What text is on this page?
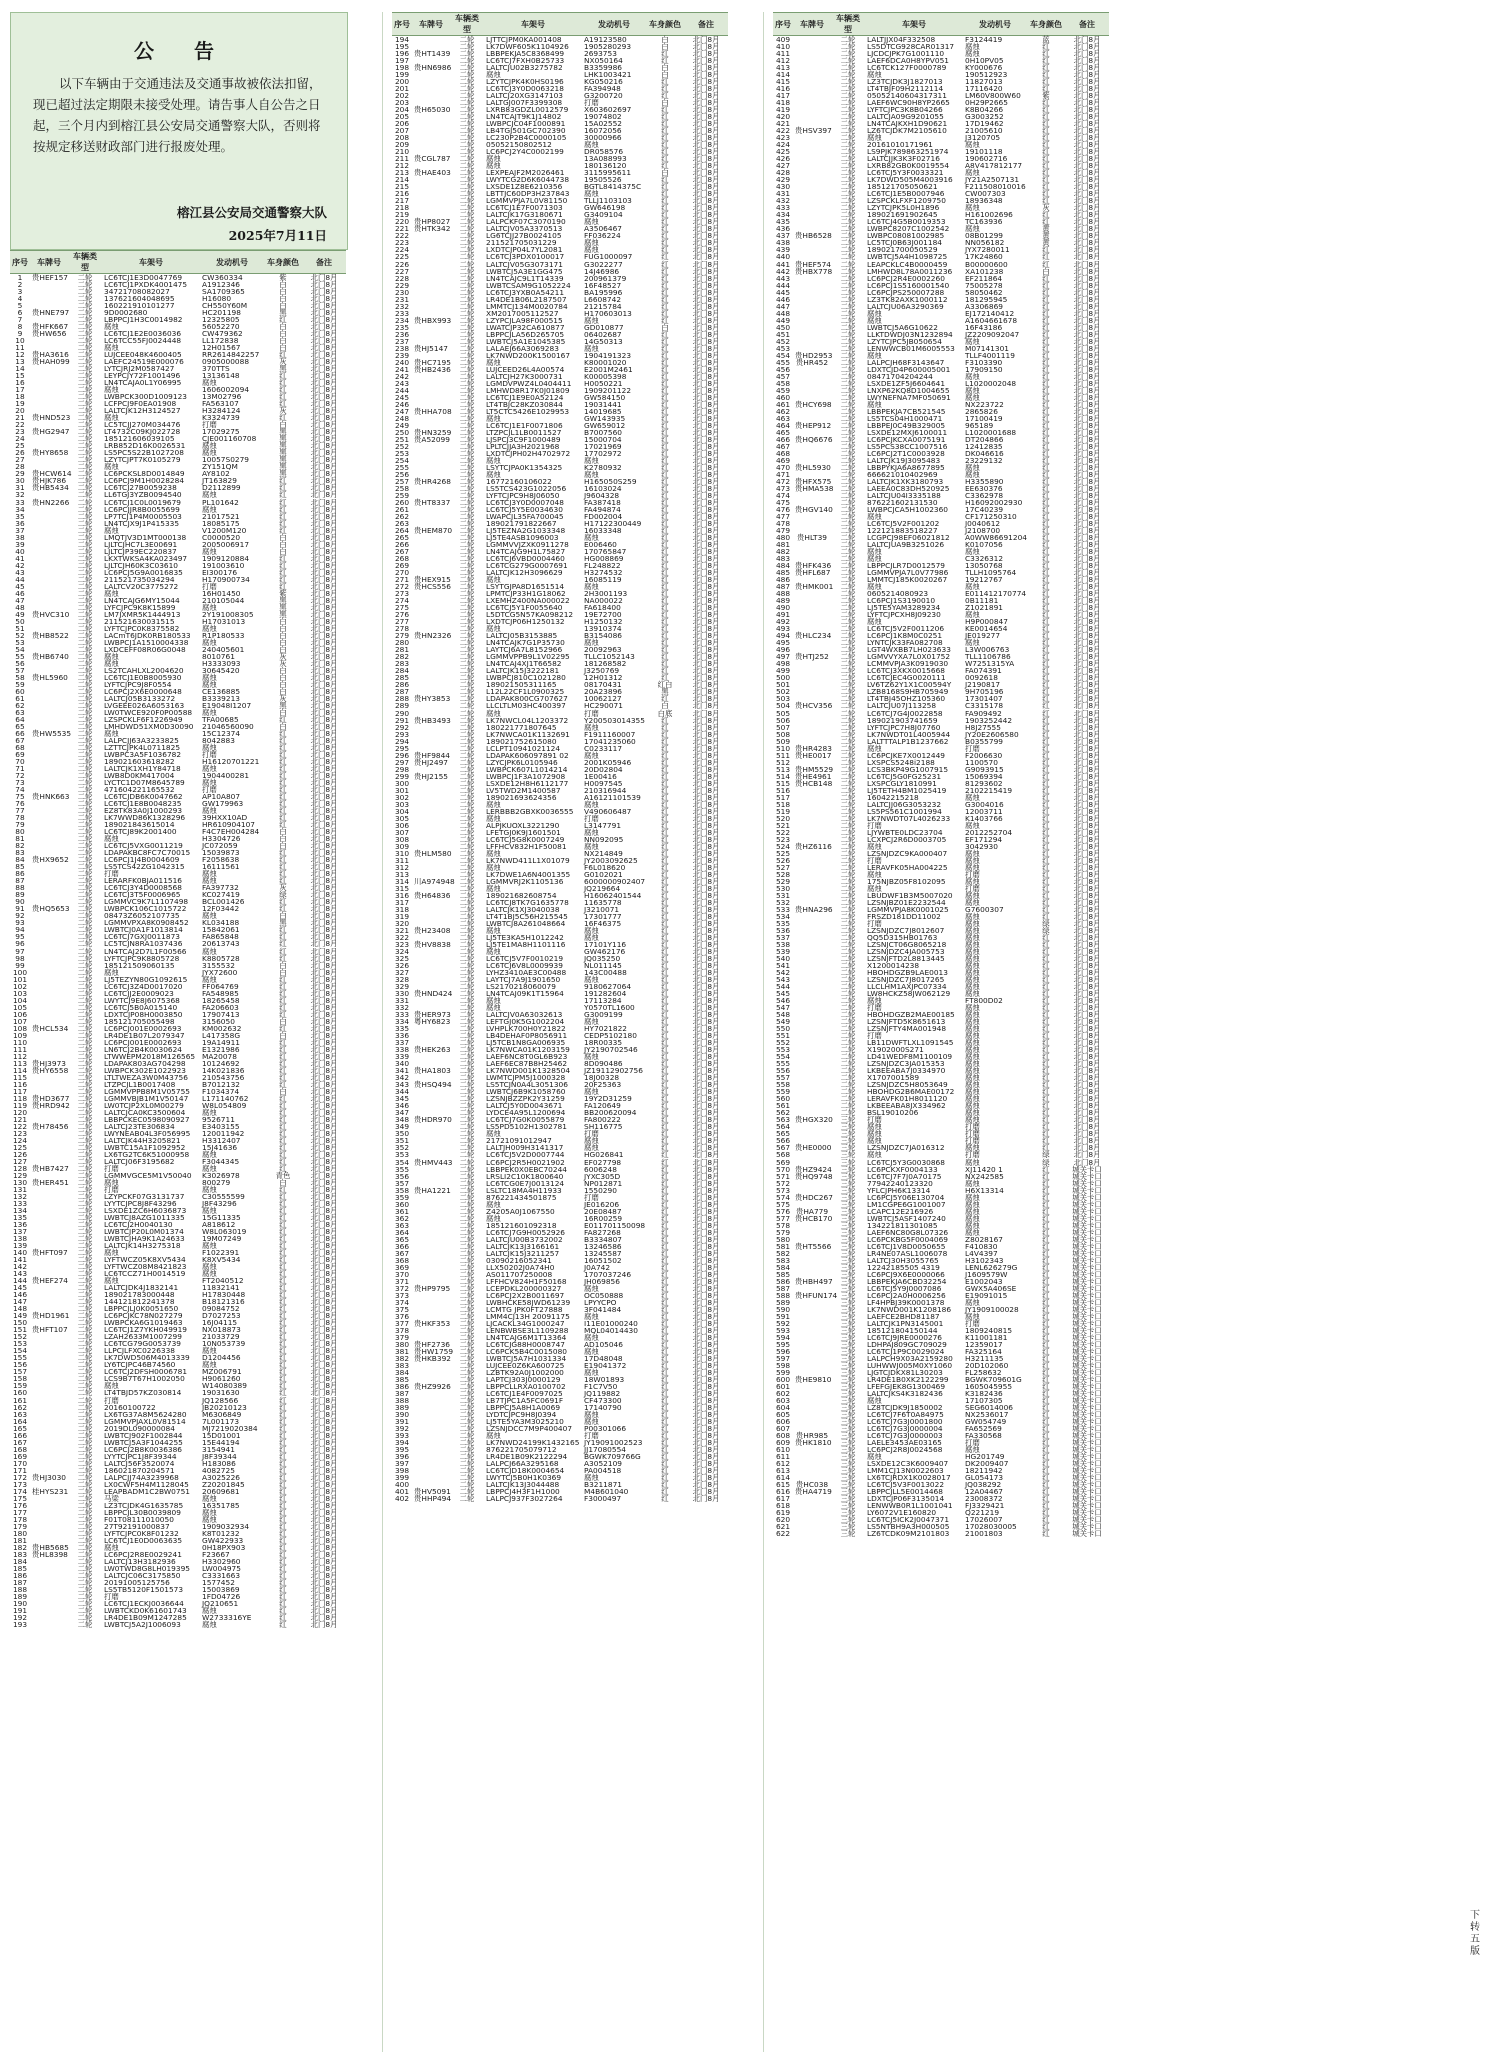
公　告
以下车辆由于交通违法及交通事故被依法扣留，现已超过法定期限未接受处理。请告事人自公告之日起，三个月内到榕江县公安局交通警察大队，否则将按规定移送财政部门进行报废处理。
榕江县公安局交通警察大队
2025年7月11日
序号	车牌号	车辆类型	车架号	发动机号	车身颜色	备注
1	贵HEF157	二轮	LC6TCJ1E3D0047769	CW360334	紫	北门8月
2		二轮	LC6TCJ1PXDK4001475	A1912346	白	北门8月
3		二轮	34721708082027	SA1709365	白	北门8月
4		二轮	137621604048695	H16080	白	北门8月
5		二轮	160221910101277	CH550Y60M	白	北门8月
6	贵HNE797	二轮	9D0002680	HC201198	黑	北门8月
7		二轮	LBPPCJ1H3C0014982	12325805	红	北门8月
8	贵HFK667	二轮	腐烛	56052270	白	北门8月
9	贵HW656	二轮	LC6TCJ1E2E0036036	CW479362	白	北门8月
10		二轮	LC6TCC55FJ0024448	LL172838	白	北门8月
11		二轮	腐烛	12H01567	白	北门8月
12	贵HA3616	二轮	LUJCEE048K4600405	RR2614842257	红	北门8月
13	贵HAH099	二轮	LAEFC24519E000076	0905000088	灰	北门8月
14		二轮	LYTCJRJ2M0587427	370TTS	黑	北门8月
15		二轮	LEYPCJY72F1001496	13136148	红	北门8月
16		二轮	LN4TCAJA0L1Y06995	腐烛	红	北门8月
17		二轮	腐烛	1606002094	红	北门8月
18		二轮	LWBPCK300D1009123	13M02796	红	北门8月
19		二轮	LCFPCJ9F0EA01908	FA563107	红	北门8月
20		二轮	LALTCJK12H3124527	H3284124	灰	北门8月
21	贵HND523	二轮	腐烛	K3324739	红	北门8月
22		二轮	LC5TCJJ270M034476	打磨	白	北门8月
23	贵HG2947	二轮	LT4732C09KJ022728	17029275	黑	北门8月
24		二轮	185121606039105	CJE001160708	黑	北门8月
25		二轮	LRB852D16K0026531	腐烛	黑	北门8月
26	贵HY8658	二轮	LS5PC5S22B1027208	腐烛	黑	北门8月
27		二轮	LZYTCJPT7K0105279	10057S0279	黑	北门8月
28		二轮	腐烛	ZY151QM	黑	北门8月
29	贵HCW614	二轮	LC6PCKSL8D0014849	AY8102	黑	北门8月
30	贵HJK786	二轮	LC6PCJ9M1H0028284	JT163829	红	北门8月
31	贵HB5434	二轮	LC6TCJ27B0059238	D2112899	红	北门8月
32		二轮	LL6TGJ3YZB0094540	腐烛	红	北门8月
33	贵HN2266	二轮	LC6TCJ1C0L0019679	PL101642	红	北门8月
34		二轮	LC6PCJJR8B0055699	腐烛	红	北门8月
35		二轮	LP7TCJ1P4M0005503	21017521	红	北门8月
36		二轮	LN4TCJX9J1P415335	18085175	红	北门8月
37		二轮	腐烛	V1200M120	红	北门8月
38		二轮	LMQTJV3D1MT000138	C0000520	白	北门8月
39		二轮	LJLTCJHC7L3E00691	2005006917	白	北门8月
40		二轮	LJLTCJP39EC220837	腐烛	白	北门8月
41		二轮	LKXTWKSA4KA023497	1909120884	红	北门8月
42		二轮	LJLTCJH60K3C03610	191003610	红	北门8月
43		二轮	LC6PCJ5G9A0016835	EI300176	红	北门8月
44		二轮	211521735034294	H170900734	红	北门8月
45		二轮	LALTCV20C3775272	打磨	红	北门8月
46		二轮	腐烛	16H01450	紫	北门8月
47		二轮	LN4TCAJG6MY15044	210105044	黑	北门8月
48		二轮	LYFCJPC9K8K15899	腐烛	黑	北门8月
49	贵HVC310	二轮	LM7JXMR5K1444913	2Y191008305	黑	北门8月
50		二轮	211521630031515	H17031013	白	北门8月
51		二轮	LYFTCJPC0K8375582	腐烛	白	北门8月
52	贵HB8522	二轮	LACmT6JDK0RB180533	R1P180533	白	北门8月
53		二轮	LWBPCJ1A1510004338	腐烛	白	北门8月
54		二轮	LXDCEFF08R06G0048	240405601	白	北门8月
55	贵HB6740	二轮	腐烛	8010761	灰	北门8月
56		二轮	腐烛	H3333093	灰	北门8月
57		二轮	LS2TCAHLXL2004620	30645420	白	北门8月
58	贵HL5960	二轮	LC6TCJ1E0B8005930	腐烛	白	北门8月
59		二轮	LYFTCJPC9J8F0554	腐烛	白	北门8月
60		二轮	LC6PCJ2X6E0000648	CE136885	白	北门8月
61		二轮	LALTCJ05B3133272	B3339213	灰	北门8月
62		二轮	LVGEEE026A6053163	E19048I1207	黑	北门8月
63		二轮	LW0TWCE920F0P00588	腐烛	白	北门8月
64		二轮	LZSPCKLF6F1226949	TFA00685	红	北门8月
65		二轮	LMHDWD51XM0D30090	21046560090	白	北门8月
66	贵HW5535	二轮	腐烛	15C12374	红	北门8月
67		二轮	LALPCJJ63A3233825	8042883	红	北门8月
68		二轮	LZTTCJPK4L0711825	腐烛	红	北门8月
69		二轮	LWBPC3A5F1036782	打磨	红	北门8月
70		二轮	189021603618282	H16120701221	红	北门8月
71		二轮	LALTCJK1XH1Y84718	腐烛	红	北门8月
72		二轮	LWB8D0KM417004	1904400281	红	北门8月
73		二轮	LYCTC1D07M8645789	腐烛	红	北门8月
74		二轮	471604221165532	打磨	红	北门8月
75	贵HNK663	二轮	LC6TCJDB6K0047662	AP10A807	红	北门8月
76		二轮	LC6TCJ1E8B0048235	GW179963	红	北门8月
77		二轮	EZ8TK83A0J1000293	腐烛	红	北门8月
78		二轮	LK7WWD86K1328296	39HXX10AD	红	北门8月
79		二轮	189021843615014	HR610904107	红	北门8月
80		二轮	LC6TCJ89K2001400	F4C7EH004284	白	北门8月
81		二轮	腐烛	H3304726	白	北门8月
82		二轮	LC6TCJ5VXG0011219	JC072059	白	北门8月
83		二轮	LDAPAKBC8FC7C70015	15039873	红	北门8月
84	贵HX9652	二轮	LC6PCJ1J4B0004609	F2058638	红	北门8月
85		二轮	LS5TCS42ZG1042315	16111561	红	北门8月
86		二轮	打磨	腐烛	红	北门8月
87		二轮	LERARFK0BJA011516	腐烛	红	北门8月
88		二轮	LC6TCJ3Y4D0008568	FA397732	灰	北门8月
89		二轮	LC6TCJ3T5F0006965	KC027419	绿	北门8月
90		二轮	LGMMVC9K7L1107498	BCL001426	红	北门8月
91	贵HQ5653	二轮	LWBPCK106C1015722	12F03442	红	北门8月
92		二轮	08473Z6052107735	腐烛	白	北门8月
93		二轮	LGMMVPXA8K0908452	KL034188	黑	北门8月
94		二轮	LWBTCJ0A1F1013814	15842061	红	北门8月
95		二轮	LC6TCJ7GXJ0011873	FA865848	红	北门8月
96		二轮	LC5TCJN8RA1037436	20613743	红	北门8月
97		二轮	LN4TCAJ2D7L1F00566	腐烛	红	北门8月
98		二轮	LYFTCJPC9K8805728	K8805728	红	北门8月
99		二轮	185121509060135	3155532	白	北门8月
100		二轮	腐烛	JYX72600	白	北门8月
101		二轮	LJ5TEZYN80G1092615	腐烛	红	北门8月
102		二轮	LC6TCJ3Z4D0017020	FF064769	红	北门8月
103		二轮	LC6TCJJ2E0009023	FA548985	红	北门8月
104		二轮	LWYTCJ9E8J6075368	18265458	红	北门8月
105		二轮	LC6TCJ5B0A015140	FA206603	红	北门8月
106		二轮	LDXTCJP08H0003850	17907413	红	北门8月
107		二轮	185121705055498	3156050	白	北门8月
108	贵HCL534	二轮	LC6PCJ001E0002693	KM002632	红	北门8月
109		二轮	LR4DE1B07L2079347	L417358G	白	北门8月
110		二轮	LC6PCJ001E0002693	19A14911	红	北门8月
111		二轮	LN6TCJ2B4K0030624	E1321986	红	北门8月
112		二轮	LTWWEPM2018M126565	MA20078	红	北门8月
113	贵HJ3973	二轮	LDAPAK803AG704298	10124692	红	北门8月
114	贵HY6558	二轮	LWBPCK302E1022923	14K021836	红	北门8月
115		二轮	LTLTWEZA3W0M43756	210543756	红	北门8月
116		二轮	LTZPCJL1B0017408	B7012132	红	北门8月
117		二轮	LGMMVPPB8M1V05755	F1034374	白	北门8月
118	贵HD3677	二轮	LGMMVBJB1M1V50147	L171140762	红	北门8月
119	贵HRD942	二轮	LW0TCJP2XL0M00279	W8L054809	红	北门8月
120		二轮	LALTCJCA0KC3500604	腐烛	红	北门8月
121		二轮	LBBPCKEC0598090927	9526711	红	北门8月
122	贵H78456	二轮	LALTCJ23TE306834	E3403155	红	北门8月
123		二轮	LWYNEAB04L3F056995	120011942	红	北门8月
124		二轮	LALTCJK44H3205821	H3312407	红	北门8月
125		二轮	LWBTC15A1F1092952	15J41636	红	北门8月
126		二轮	LX6TG2TC6K51000958	腐烛	红	北门8月
127		二轮	LALTCJ06F3195682	F3044345	红	北门8月
128	贵HB7427	二轮	打磨	腐烛	红	北门8月
129		二轮	LGMMVGCE5M1V50040	K3026978	青色	北门8月
130	贵HER451	二轮	腐烛	800279	白	北门8月
131		二轮	打磨	腐烛	红	北门8月
132		二轮	LZYPCKF07G3131737	C30555599	红	北门8月
133		二轮	LYYTCJPC8J8F43296	J8F43296	红	北门8月
134		二轮	LSXDE1ZC6H6036873	腐烛	红	北门8月
135		二轮	LWBTCJ8AZG1011335	15G11335	红	北门8月
136		二轮	LC6TCJ2H0040130	A818612	红	北门8月
137		二轮	LWBTCJP20L0M01374	W8L063019	红	北门8月
138		二轮	LWBTCJHA9K1A24633	19M07249	红	北门8月
139		二轮	LALTCJK14H3275318	腐烛	红	北门8月
140	贵HFT097	二轮	腐烛	F1022391	红	北门8月
141		二轮	LYFTWCZ05K8XV5434	K8XV5434	红	北门8月
142		二轮	LYFTWCZ08M8421823	腐烛	红	北门8月
143		二轮	LC6TCCZ71H0014519	腐烛	红	北门8月
144	贵HEF274	二轮	腐烛	FT2040512	红	北门8月
145		二轮	LALTCJDK4J1832141	11832141	红	北门8月
146		二轮	189021783000448	H17830448	红	北门8月
147		二轮	144121812241378	B18121316	红	北门8月
148		二轮	LBPPCJLJ0K0051650	09084752	红	北门8月
149	贵HD1961	二轮	LC6PCJKC78N027279	D7027253	红	北门8月
150		二轮	LWBPCKA6G1019463	16J04115	红	北门8月
151	贵HFT107	二轮	LC6TCJ1Z7YKH049919	NX018873	红	北门8月
152		二轮	LZAH2633M1007299	21033729	红	北门8月
153		二轮	LC6TCG79G0053739	10N053739	红	北门8月
154		二轮	LLPCJLFXC0226338	腐烛	红	北门8月
155		二轮	LK7DWD506M4013339	D1204456	红	北门8月
156		二轮	LY6TCJPC46B74560	腐烛	红	北门8月
157		二轮	LC6TCJ2DFSH0006781	MZ006791	红	北门8月
158		二轮	LCS9B7T67H1002050	H9061260	红	北门8月
159		二轮	腐烛	W14080389	红	北门8月
160		二轮	LT4TBJD57KZ030814	19031630	红	北门8月
161		二轮	打磨	JQ128566	红	北门8月
162		二轮	20160100722	JB20210123	红	北门8月
163		二轮	LX6TG37A8M5624280	M6306849	红	北门8月
164		二轮	LGMMVPJAXL0V81514	7L001173	红	北门8月
165		二轮	2019DL090000084	MJ7219020384	红	北门8月
166		二轮	LWBTCJ902F1002844	15D01001	红	北门8月
167		二轮	LWBTCJ5A3F1044255	15E44194	红	北门8月
168		二轮	LC6PCJ2B8K0036386	3154941	红	北门8月
169		二轮	LYYTCJPC1J8F39344	J8F39344	红	北门8月
170		二轮	LALTCJ56F3520074	H183086	红	北门8月
171		二轮	186021870204571	4082725	红	北门8月
172	贵HJ3030	二轮	LALPCJJ74A3239968	A3025226	红	北门8月
173		二轮	LX0CWF5H4M1128045	Z20201845	红	北门8月
174	桂HYS231	二轮	LEAPBADM1C2BW0751	20609681	红	北门8月
175		二轮	马梁	腐烛	红	北门8月
176		二轮	LZ3TCJDK4G1635785	16351785	红	北门8月
177		二轮	LBPPCJL30B0039809	腐烛	红	北门8月
178		二轮	F01T08111010050	腐烛	红	北门8月
179		二轮	27T92191000837	1909032934	红	北门8月
180		二轮	LYFTCJPC0K8F01232	K8T01232	红	北门8月
181		二轮	LC6TCJ1E0D0063635	GW422933	红	北门8月
182	贵HB5685	二轮	腐烛	0H18PX903	红	北门8月
183	贵HL8398	二轮	LC6PCJ2R8E0029241	F23667	红	北门8月
184		二轮	LALTCJ13H3182936	H3302960	红	北门8月
185		二轮	LW0TWD8G8LH019395	LW004975	红	北门8月
186		二轮	LALTCJC06C3175850	C3331663	红	北门8月
187		二轮	20191005125756	1577452	红	北门8月
188		二轮	LS5TB5120F1501573	15003869	红	北门8月
189		二轮	打磨	1FD04726	红	北门8月
190		二轮	LC6TCJ1ECKJ0036644	JQ210651	红	北门8月
191		二轮	LWBTCKD0K61601743	腐烛	红	北门8月
192		二轮	LR4DE1B09M1247285	W2733316YE	红	北门8月
193		二轮	LWBTCJ5A2J1006093	腐烛	红	北门8月
序号	车牌号	车辆类型	车架号	发动机号	车身颜色	备注
194		二轮	LJTTCJPM0KA001408	A19123580	白	北门8月
195		二轮	LK7DWF605K1104926	1905280293	白	北门8月
196	贵HT1439	二轮	LBBPEKJA5C8368499	2693753	红	北门8月
197		二轮	LC6TCJ7FXH0B25733	NX050164	红	北门8月
198	贵HN6986	二轮	LALTCJU02B3275782	B3359986	白	北门8月
199		二轮	腐烛	LHK1003421	白	北门8月
200		二轮	LZYTCJPK4K0HS0196	KG050216	红	北门8月
201		二轮	LC6TCJ3Y0D0063218	FA394948	红	北门8月
202		二轮	LALTCJ20XG3147103	G3200720	红	北门8月
203		二轮	LALTGJ007F3399308	打磨	白	北门8月
204	贵H65030	二轮	LXRB83GDZL0012579	X603602697	红	北门8月
205		二轮	LN4TCAJT9K1J14802	19074802	红	北门8月
206		二轮	LWBPCJC04F1000891	15A02552	红	北门8月
207		二轮	LB4TGJ501GC702390	16072056	红	北门8月
208		二轮	LC230P2B4C0000105	30000966	红	北门8月
209		二轮	05052150802512	腐烛	红	北门8月
210		二轮	LC6PCJ2Y4C0002199	DR058576	红	北门8月
211	贵CGL787	二轮	腐烛	13A088993	红	北门8月
212		二轮	腐烛	180136120	红	北门8月
213	贵HAE403	二轮	LEXPEAJF2M2026461	3115995611	白	北门8月
214		二轮	LWYTCG2D6K6044738	19505526	红	北门8月
215		二轮	LXSDE1Z8E6210356	BGTL8414375C	红	北门8月
216		二轮	LBTTJC60DP3H237843	腐烛	红	北门8月
217		二轮	LGMMVPJA7L0V81150	TLLJ1103103	红	北门8月
218		二轮	LC6TCJ1E7F0071303	GW646198	红	北门8月
219		二轮	LALTCJK17G3180671	G3409104	红	北门8月
220	贵HP8027	二轮	LALPCKF07C3070190	腐烛	红	北门8月
221	贵HTK342	二轮	LALTCJV05A3370513	A3506467	红	北门8月
222		二轮	LG6TCJJ27B0024105	FF036224	红	北门8月
223		二轮	211521705031229	腐烛	红	北门8月
224		二轮	LXDTCJP04L7YL2081	腐烛	红	北门8月
225		二轮	LC6TCJ3PDX0100017	FUG1000097	红	北门8月
226		二轮	LALTCJV05G3073171	G3022277	红	北门8月
227		二轮	LWBTCJ5A3E1GG475	14J46986	红	北门8月
228		二轮	LN4TCAJC9L1T14339	200961379	红	北门8月
229		二轮	LWBTCSAM9G1052224	16F48527	红	北门8月
230		二轮	LC6TCJ3YXB0A54211	BA195996	红	北门8月
231		二轮	LR4DE1B06L2187507	L6608742	红	北门8月
232		二轮	LMMTCJ134M0020784	21215784	红	北门8月
233		二轮	XM2017005112527	H170603013	红	北门8月
234	贵HBX993	二轮	LZYPCJLA98F000515	腐烛	红	北门8月
235		二轮	LWATCJP32CA610877	GD010877	白	北门8月
236		二轮	LBPPCJLA56D265705	06402687	红	北门8月
237		二轮	LWBTCJ5A1E1045385	14G50313	红	北门8月
238	贵HJ5147	二轮	LALAEJ66A3069283	腐烛	红	北门8月
239		二轮	LK7NWD200K1500167	1904191323	红	北门8月
240	贵HC7195	二轮	腐烛	K80001020	红	北门8月
241	贵HB2436	二轮	LUJCEED26L4A00574	E2001M2461	红	北门8月
242		二轮	LALTCJH27K3000731	K00005398	红	北门8月
243		二轮	LGMDVPWZ4L0404411	H0050221	红	北门8月
244		二轮	LMHWD8R17K0J01809	1909201122	红	北门8月
245		二轮	LC6TCJ1E9E0A52124	GW584150	红	北门8月
246		二轮	LT4TBJC28KZ030844	19031441	红	北门8月
247	贵HHA708	二轮	LT5CTC5426E1029953	14019685	红	北门8月
248		二轮	腐烛	GW143935	红	北门8月
249		二轮	LC6TCJ1E1F0071806	GW659012	红	北门8月
250	贵HN3259	二轮	LTZPCJL1LB0011527	B7007560	红	北门8月
251	贵A52099	二轮	LJSPCJ3C9F1000489	15000704	红	北门8月
252		二轮	LPLTCJJA3H2021968	17021969	红	北门8月
253		二轮	LXDTCJPH02H4702972	17702972	红	北门8月
254		二轮	腐烛	腐烛	红	北门8月
255		二轮	LSYTCJPA0K1354325	K2780932	红	北门8月
256		二轮	腐烛	腐烛	红	北门8月
257	贵HR4268	二轮	16772160106022	H165050S259	红	北门8月
258		二轮	LS5TCS423G1022056	16103024	红	北门8月
259		二轮	LYFTCJPC9H8J06050	J9604328	红	北门8月
260	贵HT8337	二轮	LC6TCJ3Y0D0007048	FA387418	红	北门8月
261		二轮	LC6TCJ5Y5E0034630	FA494874	红	北门8月
262		二轮	LWAPCJL35FA700045	FD002004	红	北门8月
263		二轮	189021791822667	H17122300449	红	北门8月
264	贵HEM870	二轮	LJ5TEZNA2G1033348	16033348	红	北门8月
265		二轮	LJ5TE4ASB1096003	腐烛	红	北门8月
266		二轮	LGMMVVJZXK0911278	E006460	红	北门8月
267		二轮	LN4TCAJG9H1L75827	170765847	红	北门8月
268		二轮	LC6TCJ6VBD0004460	HG008869	红	北门8月
269		二轮	LC6TCG279G0007691	FL248822	红	北门8月
270		二轮	LALTCJK12H3096629	H3274532	红	北门8月
271	贵HEX915	二轮	腐烛	16085119	红	北门8月
272	贵HCS556	二轮	LSYTGJPA8D1651514	腐烛	红	北门8月
273		二轮	LPMTCJP33H1G18062	2H3001193	红	北门8月
274		二轮	LXEMHZ400NA000022	NA000022	红	北门8月
275		二轮	LC6TCJ5Y1F0055640	FA618400	红	北门8月
276		二轮	L5DTCG5N57KA098212	19E72700	红	北门8月
277		二轮	LXDTCJP06H1250132	H1250132	红	北门8月
278		二轮	腐烛	13910374	红	北门8月
279	贵HN2326	二轮	LALTCJ05B3153885	B3154086	红	北门8月
280		二轮	LN4TCAJK7G1P35730	腐烛	红	北门8月
281		二轮	LAYTCJ6A7L8152966	20092963	红	北门8月
282		二轮	LGMMVPPB9L1V02295	TLLC1052143	红	北门8月
283		二轮	LN4TCAJ4XJ1T66582	181268582	红	北门8月
284		二轮	LALTCJK15J3222181	J3250769	红	北门8月
285		二轮	LWBPCJ810C1021280	12H01312	红	北门8月
286		二轮	189021505311165	08170431	红白	北门8月
287		二轮	L12L22CF1L0900325	20A23896	黑	北门8月
288	贵HY3853	二轮	LDAPAK800CG707627	10062127	红	北门8月
289		二轮	LLCLTLM03HC400397	HC290071	白	北门8月
290		二轮	腐烛	打磨	白底	北门8月
291	贵HB3493	二轮	LK7NWCL04L1203372	Y200503014355	红	北门8月
292		二轮	180221771807645	腐烛	红	北门8月
293		二轮	LK7NWCA01K1132691	F1911160007	红	北门8月
294		二轮	189021752615080	17041235060	红	北门8月
295		二轮	LCLPT10941021124	C0233117	红	北门8月
296	贵HF9844	二轮	LDAPAK606097891 02	腐烛	红	北门8月
297	贵HJ2497	二轮	LZYCJPK6L0105946	2001K05946	红	北门8月
298		二轮	LWBPCK607L1014214	20D02804	红	北门8月
299	贵HJ2155	二轮	LWBPCJ1F3A1072908	1E00416	红	北门8月
300		二轮	LSXDE12H8H6112177	H0097545	红	北门8月
301		二轮	LV5TWD2M1400587	210316944	红	北门8月
302		二轮	189021693624356	A16121101539	红	北门8月
303		二轮	腐烛	腐烛	红	北门8月
304		二轮	LERBBB2GBXK0036555	V490606487	红	北门8月
305		二轮	腐烛	打磨	红	北门8月
306		二轮	ALPJKUOXL3221290	L3147791	红	北门8月
307		二轮	LFETGJ0K9J1601501	腐烛	红	北门8月
308		二轮	LC6TCJ5G8K0007249	NN092095	红	北门8月
309		二轮	LFFHCV832H1F50081	腐烛	红	北门8月
310	贵HLM580	二轮	腐烛	NX214849	红	北门8月
311		二轮	LK7NWD411L1X01079	JY2003092625	红	北门8月
312		二轮	腐烛	F6L018620	红	北门8月
313		二轮	LK7DWE1A6N4001355	G0102021	红	北门8月
314	川A974948	二轮	LGMMVRJ2K1105136	6000000902407	红	北门8月
315		二轮	腐烛	JQ219664	红	北门8月
316	贵H64836	二轮	189021682608754	H16062401544	红	北门8月
317		二轮	LC6TCJ8TK7G1635778	11635778	红	北门8月
318		二轮	LALTCJK1XJ3040038	J3210071	红	北门8月
319		二轮	LT4T1BJ5C56H215545	17301777	红	北门8月
320		二轮	LWBTCJ8A261048664	16F46375	红	北门8月
321	贵H23408	二轮	腐烛	腐烛	红	北门8月
322		二轮	LJ5TE3KA5H1012242	腐烛	红	北门8月
323	贵HV8838	二轮	LJ5TE1MA8H1101116	17101Y116	红	北门8月
324		二轮	腐烛	GW462176	红	北门8月
325		二轮	LC6TCJ5V7F0010219	JQ035250	红	北门8月
326		二轮	LC6TCJ6V8L0009939	NL011145	红	北门8月
327		二轮	LYHZ3410AE3C00488	143C00488	红	北门8月
328		二轮	LAYTCJ7A9J1901650	腐烛	红	北门8月
329		二轮	LS2170218060079	9180627064	红	北门8月
330	贵HND424	二轮	LN4TCAJ09K1T15964	191282604	红	北门8月
331		二轮	腐烛	17113284	红	北门8月
332		二轮	腐烛	Y0570TL1600	红	北门8月
333	贵HER973	二轮	LALTCJV0A63032613	G3009199	红	北门8月
334	粤HY6823	二轮	LEFTGJ0K5G1002204	腐烛	红	北门8月
335		二轮	LVHPLK700H0Y21822	HY7021822	红	北门8月
336		二轮	LB4DEHAF0P8056911	CEDP5102180	红	北门8月
337		二轮	LJ5TCB1N8GA006935	18R00335	红	北门8月
338	贵HEK263	二轮	LK7NWCA01K1203159	JY2190702546	红	北门8月
339		二轮	LAEF6NC8T0GL6B923	腐烛	红	北门8月
340		二轮	LAEF6EC87B8H25462	8D090486	红	北门8月
341	贵HA1803	二轮	LK7NWD001K1328504	JZ19112902756	红	北门8月
342		二轮	LWMTCJPM5J1000328	18J00328	红	北门8月
343	贵HSQ494	二轮	LS5TCJN0A4L3051306	20F25363	红	北门8月
344		二轮	LWBTCJ6B9K1058760	腐烛	红	北门8月
345		二轮	LZSNJBZZPK2Y31259	19Y2D31259	红	北门8月
346		二轮	LALTCJ5Y0D0043671	FA120649	红	北门8月
347		二轮	LYDCE4A95L1200694	BB200620094	红	北门8月
348	贵HDR970	二轮	LC6TCJ7G0K0055879	FA800222	红	北门8月
349		二轮	LS5PD5102H1302781	SH116775	红	北门8月
350		二轮	腐烛	打磨	红	北门8月
351		二轮	21721091012947	腐烛	红	北门8月
352		二轮	LALTJH009H3141317	腐烛	红	北门8月
353		二轮	LC6TCJ5V2D0007744	HG026841	红	北门8月
354	贵HMV443	二轮	LC6PCJ2R5H0021902	EF027798	红	北门8月
355		二轮	LBBPEK0X0EBC70244	6006248	红	北门8月
356		二轮	LRSLI2C10K1800640	JYXC305D	红	北门8月
357		二轮	LC6TCG0E7J0013124	NP012871	红	北门8月
358	贵HA1221	二轮	LSLTC18MA4H11933	1550290	红	北门8月
359		二轮	876221434501875	打磨	红	北门8月
360		二轮	腐烛	JE016206	红	北门8月
361		二轮	Z4205A0J1067550	20E08487	红	北门8月
362		二轮	腐烛	16R00259	红	北门8月
363		二轮	185121601092318	E011701150098	红	北门8月
364		二轮	LC6TCJ7G9H0052926	FA827268	红	北门8月
365		二轮	LALTCJU00B3732002	B3334807	红	北门8月
366		二轮	LALTCJK13J3166161	13246586	红	北门8月
367		二轮	LALTCJK15J3211257	13245587	红	北门8月
368		二轮	03090216052341	16051502	红	北门8月
369		二轮	LLX50202J0A74H0	J0A742	红	北门8月
370		二轮	AS011707250008	1707037246	红	北门8月
371		二轮	LFFHCV824H1F50168	JH069856	红	北门8月
372	贵HP9795	二轮	LCEPDKL200000327	腐烛	红	北门8月
373		二轮	LC6PCJ2X2B0011697	OC050888	红	北门8月
374		二轮	LWBHCKE58JWD61239	LPYYCPO	红	北门8月
375		二轮	LCMTG JPK0FT27888	3F041484	红	北门8月
376		二轮	LMM4CJ13H 20091175	腐烛	红	北门8月
377	贵HKF353	二轮	LJCACKL34G1000247	I11E01000240	红	北门8月
378		二轮	LENBWBSE3L1109288	MQL04014430	红	北门8月
379		二轮	LN4TCAJG6M1T13364	腐烛	红	北门8月
380	贵HF2736	二轮	LC6TCJG88H0008747	AD105046	红	北门8月
381	贵HW1759	二轮	LC6PCK5B4C0015080	腐烛	红	北门8月
382	贵HKB392	二轮	LWBTCJ5A7H1031334	17D48048	红	北门8月
383		二轮	LUJCEE0Z6KA600725	E19041372	红	北门8月
384		二轮	LZBTK92A0J1002000	腐烛	红	北门8月
385		二轮	LAPTCJ303J0000129	18W01893	红	北门8月
386	贵HZ9926	二轮	LBPPCLLRXA0100702	F1C7V50	红	北门8月
387		二轮	LC6TCJ1E4F0097025	JQ119882	红	北门8月
388		二轮	LB7TJPC1A5FC0691F	CF473300	红	北门8月
389		二轮	LBPPCJ5A8H1A0069	17140790	红	北门8月
390		二轮	LYDTCJPC9H8J0394	腐烛	红	北门8月
391		二轮	LJ5TE5YA3M3025210	腐烛	红	北门8月
392		二轮	LZSNJDCC7M9P400407	P00301066	红	北门8月
393		二轮	腐烛	打磨	红	北门8月
394		二轮	LK7NWD24199K1432165	JY19091002523	红	北门8月
395		二轮	876221705079712	JJ17080554	红	北门8月
396		二轮	LR4DE1B09K2122294	BGWK709766G	红	北门8月
397		二轮	LALPCJ66A3295168	A3052109	红	北门8月
398		二轮	LC6TCJD18K0004654	PA004518	红	北门8月
399		二轮	LWYTCJ5B0H1K0369	腐烛	红	北门8月
400		二轮	LALTCJK13J3044488	B3211871	红	北门8月
401	贵HV5091	二轮	LBPPCJ4H3F1H1000	M4B601040	红	北门8月
402	贵HHP494	二轮	LALPCJ937F3027264	F3000497	红	北门8月
序号	车牌号	车辆类型	车架号	发动机号	车身颜色	备注
409		二轮	LALTJJX04F332508	F3124419	蓝	北门8月
410		二轮	LS5DTCG928CAR01317	腐烛	红	北门8月
411		二轮	LJCDCJPK7G1001110	腐烛	红	北门8月
412		二轮	LAEF6DCA0H8YPV051	0H10PV05	红	北门8月
413		二轮	LC6TCK127F0000789	KY000676	红	北门8月
414		二轮	腐烛	190512923	红	北门8月
415		二轮	LZ3TCJDK3J1827013	11827013	红	北门8月
416		二轮	LT4TBJF09H2112114	17116420	红	北门8月
417		二轮	05052140604317311	LM60V800W60	紫	北门8月
418		二轮	LAEF6WC90H8YP2665	0H29P2665	红	北门8月
419		二轮	LYFTCJPC3K8B04266	K8B04266	红	北门8月
420		二轮	LALTCJA09G9201055	G3003252	红	北门8月
421		二轮	LN4TCAJKXH1D90621	17D19462	红	北门8月
422	贵HSV397	二轮	LZ6TCJDK7M2105610	21005610	红	北门8月
423		二轮	腐烛	J3120705	红	北门8月
424		二轮	20161010171961	腐烛	红	北门8月
425		二轮	LS9PJK789863251974	19101118	红	北门8月
426		二轮	LALTCJJK3K3F02716	190602716	红	北门8月
427		二轮	LXRB82GB0K0019554	A8V417812177	红	北门8月
428		二轮	LC6TCJ5Y3F0033321	腐烛	红	北门8月
429		二轮	LK7DWD505M4003916	JY21A2507131	红	北门8月
430		二轮	185121705050621	F211508010016	红	北门8月
431		二轮	LC6TCJ1E5B0007946	CW007303	红	北门8月
432		二轮	LZSPCKLFXF1209750	18936348	红	北门8月
433		二轮	LZYTCJPK5L0H1896	腐烛	灰	北门8月
434		二轮	189021691902645	H161002696	红	北门8月
435		二轮	LC6TCJ4G5B0019353	TC163936	红	北门8月
436		二轮	LWBPC8207C1002542	腐烛	黄	北门8月
437	贵HB6528	二轮	LWBPC08081002985	08B01299	黄	北门8月
438		二轮	LC5TCJ0B63J001184	NN056182	黄	北门8月
439		二轮	189021700050529	JYX7280011	红	北门8月
440		二轮	LWBTCJ5A4H1098725	17K24860	红	北门8月
441	贵HEF574	二轮	LEAPCKLC4B0000459	B00000600	红	北门8月
442	贵HBX778	二轮	LMHWD8L78A0011236	XA101238	白	北门8月
443		二轮	LC6PCJ2R4E0002260	EF211864	红	北门8月
444		二轮	LC6PCJ1S5160001540	75005278	红	北门8月
445		二轮	LC6PCJPS250007288	58050462	红	北门8月
446		二轮	LZ3TK82AXK1000112	181295945	红	北门8月
447		二轮	LALTCJU06A3290369	A3306869	红	北门8月
448		二轮	腐烛	EJ172140412	红	北门8月
449		二轮	腐烛	A1604661678	红	北门8月
450		二轮	LWBTCJ5A6G10622	16F43186	红	北门8月
451		二轮	LLKTDWDJ03N1232894	JZ2209092047	红	北门8月
452		二轮	LZYTCJPC5JB050654	腐烛	红	北门8月
453		二轮	LENWWCB01M6005553	M07141301	红	北门8月
454	贵HD2953	二轮	腐烛	TLLF4001119	红	北门8月
455	贵HR452	二轮	LALPCJH68F3143647	F3103390	红	北门8月
456		二轮	LDXTCJD4P600005001	17909150	红	北门8月
457		二轮	08471704204244	腐烛	红	北门8月
458		二轮	LSXDE1ZF5J6604641	L1020002048	红	北门8月
459		二轮	LNXP62KQ8D1004655	腐烛	红	北门8月
460		二轮	LWYNEFNA7MF050691	腐烛	红	北门8月
461	贵HCY698	二轮	腐烛	NX223722	红	北门8月
462		二轮	LBBPEKJA7CB521545	2865826	红	北门8月
463		二轮	LS5TCS04H1000471	17100419	红	北门8月
464	贵HEP912	二轮	LBBPEJ0C49B329005	965189	红	北门8月
465		二轮	LSXDE12MXJ6100011	L1020001688	红	北门8月
466	贵HQ6676	二轮	LC6PCJKCXA0075191	DT204866	红	北门8月
467		二轮	LS5PCS38CC1007516	12412835	红	北门8月
468		二轮	LC6PCJ2T1C0003928	DK046616	红	北门8月
469		二轮	LALTCJK19J3095483	23229132	红	北门8月
470	贵HL5930	二轮	LBBPYKJA6A8677895	腐烛	红	北门8月
471		二轮	666621010402969	腐烛	红	北门8月
472	贵HFX575	二轮	LALTCJK1XK3180793	H3355890	红	北门8月
473	贵HMA538	二轮	LAEEA0C83DH520925	EE630376	红	北门8月
474		二轮	LALTCJU04I3335188	C3362978	红	北门8月
475		二轮	876221602131530	H16092002930	红	北门8月
476	贵HGV140	二轮	LWBPCJCA5H1002360	17C40239	红	北门8月
477		二轮	腐烛	CF171250310	红	北门8月
478		二轮	LC6TCJ5V2F001202	J0040612	红	北门8月
479		二轮	122121883518227	J2108700	红	北门8月
480	贵HLT39	二轮	LCGPCJ98EF06021812	A0WW86691204	红	北门8月
481		二轮	LALTCJUA9B3251026	K0107056	红	北门8月
482		二轮	腐烛	腐烛	红	北门8月
483		二轮	腐烛	C3326312	红	北门8月
484	贵HFK436	二轮	LBPPCJLR7D0012579	13050768	红	北门8月
485	贵HFL687	二轮	LGMMVPJA7L0V77986	TLLH1095764	红	北门8月
486		二轮	LMMTCJ185K0020267	19212767	红	北门8月
487	贵HMK001	二轮	腐烛	腐烛	红	北门8月
488		二轮	0605214080923	E011412170774	红	北门8月
489		二轮	LC6PCJ1S3190010	0B11181	红	北门8月
490		二轮	LJ5TE5YAM3289234	Z1021891	红	北门8月
491		二轮	LYFTCJPCXH8J09230	腐烛	红	北门8月
492		二轮	腐烛	H9P000847	红	北门8月
493		二轮	LC6TCJ5V2F0011206	KE0014654	红	北门8月
494	贵HLC234	二轮	LC6PCJ1K8M0C0251	JE019277	红	北门8月
495		二轮	LYNTCJK33FA082708	腐烛	红	北门8月
496		二轮	LGT4WXBB7LH023633	L3W006763	红	北门8月
497	贵HTJ252	二轮	LGMVVYXA7L0X01752	TLL1106786	红	北门8月
498		二轮	LCMMVPJA3K0919030	W7251315YA	红	北门8月
499		二轮	LC6TCJ3XKX0015668	FA074391	红	北门8月
500		二轮	LC6TCJEC4G0020111	0092618	红	北门8月
501		二轮	LV6TZ62Y1X1C00594Y	J2190817	红	北门8月
502		二轮	LZB8168S9HB705949	9H705196	红	北门8月
503		二轮	LT4TBJ45OHZ105360	17301407	红	北门8月
504	贵HCV356	二轮	LALTCJU07J113258	C3315178	红	北门8月
505		二轮	LC6TCJ7G4J0022858	FA909492	红	北门8月
506		二轮	189021903741659	1903252442	红	北门8月
507		二轮	LYFTCJPC7H8J07760	H8J27555	红	北门8月
508		二轮	LK7NWDT01L4005944	JY20E2606580	红	北门8月
509		二轮	LALTTTALP1B1237662	B0355799	红	北门8月
510	贵HR4283	二轮	腐烛	打磨	红	北门8月
511	贵HE0017	二轮	LC6PCJKE7X0012449	F2006630	红	北门8月
512		二轮	LXSPCS5248i2188	1100570	红	北门8月
513	贵HM5529	二轮	LCS3BKP49G1007915	G9093915	红	北门8月
514	贵HE4961	二轮	LC6TCJ5G0FG25231	15069394	红	北门8月
515	贵HCB148	二轮	LXSPCGLY1810991	81293602	红	北门8月
516		二轮	LJ5TETH4BM1025419	2102215419	红	北门8月
517		二轮	16042215218	腐烛	红	北门8月
518		二轮	LALTCJJ06G3053232	G3004016	红	北门8月
519		二轮	LS5PS561C1001994	12003711	红	北门8月
520		二轮	LK7NWDT07L4026233	K1403766	红	北门8月
521		二轮	打磨	腐烛	红	北门8月
522		二轮	LJYWBTE0LDC23704	2012252704	红	北门8月
523		二轮	LCXPCJ2R6D0003705	EF171294	红	北门8月
524	贵HZ6116	二轮	腐烛	3042930	红	北门8月
525		二轮	LZSNJDZC9KA000407	腐烛	红	北门8月
526		二轮	打磨	腐烛	红	北门8月
527		二轮	LERAVFK05HA004225	腐烛	红	北门8月
528		二轮	腐烛	打磨	红	北门8月
529		二轮	175NJBZ05F8102095	腐烛	红	北门8月
530		二轮	腐烛	打磨	红	北门8月
531		二轮	LBUDWF1B3M5007020	腐烛	红	北门8月
532		二轮	LZSNJBZ01E2232544	腐烛	红	北门8月
533	贵HNA296	二轮	LGMMVPJA8K0001025	G7600307	红	北门8月
534		二轮	FRSZD181DD11002	腐烛	红	北门8月
535		二轮	打磨	腐烛	绿	北门8月
536		二轮	LZSNJDZC7J8012607	腐烛	绿	北门8月
537		二轮	QQ5D315HB01763	腐烛	红	北门8月
538		二轮	LZSNJCT06G8065218	腐烛	红	北门8月
539		二轮	LZSNJDZC4JA005753	腐烛	红	北门8月
540		二轮	LZSNJFTD2L8813445	腐烛	红	北门8月
541		二轮	X1200014238	腐烛	红	北门8月
542		二轮	HBOHDGZB9LAE0013	腐烛	红	北门8月
543		二轮	LZSNJDZC7J8017265	腐烛	红	北门8月
544		二轮	LLCLHM1AXJPC07334	腐烛	红	北门8月
545		二轮	LW8HCKZ58JW062129	腐烛	红	北门8月
546		二轮	腐烛	FT800D02	红	北门8月
547		二轮	打磨	腐烛	红	北门8月
548		二轮	HBOHDGZB2MAE00185	腐烛	红	北门8月
549		二轮	LZSNJFTD5K8651613	腐烛	红	北门8月
550		二轮	LZSNJFTY4MA001948	腐烛	红	北门8月
551		二轮	打磨	腐烛	红	北门8月
552		二轮	LB11DWFTLXL1091545	腐烛	红	北门8月
553		二轮	X1902000S271	腐烛	红	北门8月
554		二轮	LD41WEDF8M1100109	腐烛	红	北门8月
555		二轮	LZSNJDZC3JA015353	腐烛	红	北门8月
556		二轮	LKBEEABA7J0334970	腐烛	红	北门8月
557		二轮	X1707001589	腐烛	红	北门8月
558		二轮	LZSNJDZC5H8053649	腐烛	红	北门8月
559		二轮	HBOHDG2B6MAE00172	腐烛	红	北门8月
560		二轮	LERAVFK01H8011120	腐烛	红	北门8月
561		二轮	LKBEEABA8JX334962	腐烛	红	北门8月
562		二轮	BSL19010206	腐烛	红	北门8月
563	贵HGX320	三轮	打磨	腐烛	红	北门8月
564		三轮	腐烛	打磨	红	北门8月
565		三轮	腐烛	打磨	红	北门8月
566		三轮	腐烛	打磨	红	北门8月
567	贵HE0000	三轮	LZSNJDZC7JA016312	腐烛	红	北门8月
568		三轮	腐烛	打磨	绿	北门8月
569		三轮	LC6TCJ5Y3G0030868	腐烛	绿	北门8月
570	贵HZ9424	三轮	LC6PCKXF0004133	XJ11420 1	红	城关卡口
571	贵HQ9748	三轮	LC6TCJ7F7J0A70175	NX242585	红	城关卡口
572		三轮	77942240123320	腐烛	红	城关卡口
573		三轮	YFLCJPH6K13314	H6X13314	红	城关卡口
574	贵HDC267	三轮	LC6PCJ5Y06E130704	腐烛	红	城关卡口
575		三轮	LM1CGPE6G1001007	腐烛	红	城关卡口
576	贵HA779	三轮	LCAPC12E216926	腐烛	红	城关卡口
577	贵HCB170	三轮	LWBTCJ5ASF1407240	腐烛	红	城关卡口
578		三轮	134221811301085	腐烛	红	城关卡口
579		三轮	LAEF6NC80G8L07326	腐烛	红	城关卡口
580		三轮	LC6PCKBG5F0004069	Z8028167	红	城关卡口
581	贵HT5566	三轮	LC6TCJ1V8D0050655	F410830	红	城关卡口
582		三轮	LR4NE07ASL1006078	L4V4397	红	城关卡口
583		三轮	LALTCJ30H3055765	H3102343	红	城关卡口
584		三轮	12242185505 4319	LENL626279G	红	城关卡口
585		三轮	LC6PCJ9X6E0000066	J1609579W	红	城关卡口
586	贵HBH497	三轮	LBBPEKJA6CBD32254	E1002043	红	城关卡口
587		三轮	LC6TCJ5Y9J0007086	GWX5A406SE	红	城关卡口
588	贵HFUN174	三轮	LC6PCJ2A0H0006256	E19091015	红	城关卡口
589		三轮	LF4HPBJ39K0001378	腐烛	红	城关卡口
590		三轮	LK7NWD001K1208186	JY1909100028	红	城关卡口
591		三轮	LAEFCE2BHD81187	腐烛	红	城关卡口
592		三轮	LALTCJK1PN3145001	打磨	红	城关卡口
593		三轮	185121804150144	1809240815	红	城关卡口
594		三轮	LC6TCJ9JRE0000276	K11001181	红	城关卡口
595		三轮	LDHPAJ809GC709029	12359017	红	城关卡口
596		三轮	LC6TCJ1P9C0029024	FA325164	红	城关卡口
597		三轮	LALPCH9X03A2159280	H3211135	红	城关卡口
598		三轮	LUHWWJ005M0XY1060	20D102060	红	城关卡口
599		三轮	LJGTCJDKX81L30203	FL258632	红	城关卡口
600	贵HE9810	三轮	LR4DE1B0XK2122299	BGWK709601G	红	城关卡口
601		三轮	LFEFGJEK8G1300469	1605045955	红	城关卡口
602		三轮	LALTCJKS4K3182436	K3182436	红	城关卡口
603		三轮	腐烛	17107305	红	城关卡口
604		三轮	LZ8TCJDK9J1850002	SEG6014006	红	城关卡口
605		三轮	LC6TCJ7F6T0A84975	NX2536017	红	城关卡口
606		三轮	LC6TCJ7G3J0001800	GW054749	红	城关卡口
607		三轮	LC6TCJ7G3J0000004	FA652569	红	城关卡口
608	贵HR985	三轮	LC6TCJ7G3J0000003	FA330568	红	城关卡口
609	贵HK1810	三轮	LAELE3453AE03165	打磨	红	城关卡口
610		三轮	LC6PCJ2R8J0024568	腐烛	红	城关卡口
611		三轮	腐烛	HG201749	红	城关卡口
612		三轮	LSXDE12C3K6009407	DK2009407	红	城关卡口
613		三轮	LMM1CJ13N0022603	18211942	红	城关卡口
614		三轮	LX6TCJRDX1K0028017	GL054173	红	城关卡口
615	贵HC038	三轮	LC6TCJ5V3F0013022	JQ038292	红	城关卡口
616	贵HA4719	三轮	LBPPCJLL5E0014468	12A04467	红	城关卡口
617		三轮	LDXTCJP06F3135014	23008372	红	城关卡口
618		三轮	LENWWB0R1L1001041	FJ3329421	红	城关卡口
619		三轮	LY6072V1E160820	Q221219	红	城关卡口
620		三轮	LC6TCJ5ICK2J0047371	17026007	红	城关卡口
621		三轮	LS5NTBH9A3H000505	17028030005	红	城关卡口
622		三轮	LZ6TCDK09M2101803	21001803	红	城关卡口
下转五版
